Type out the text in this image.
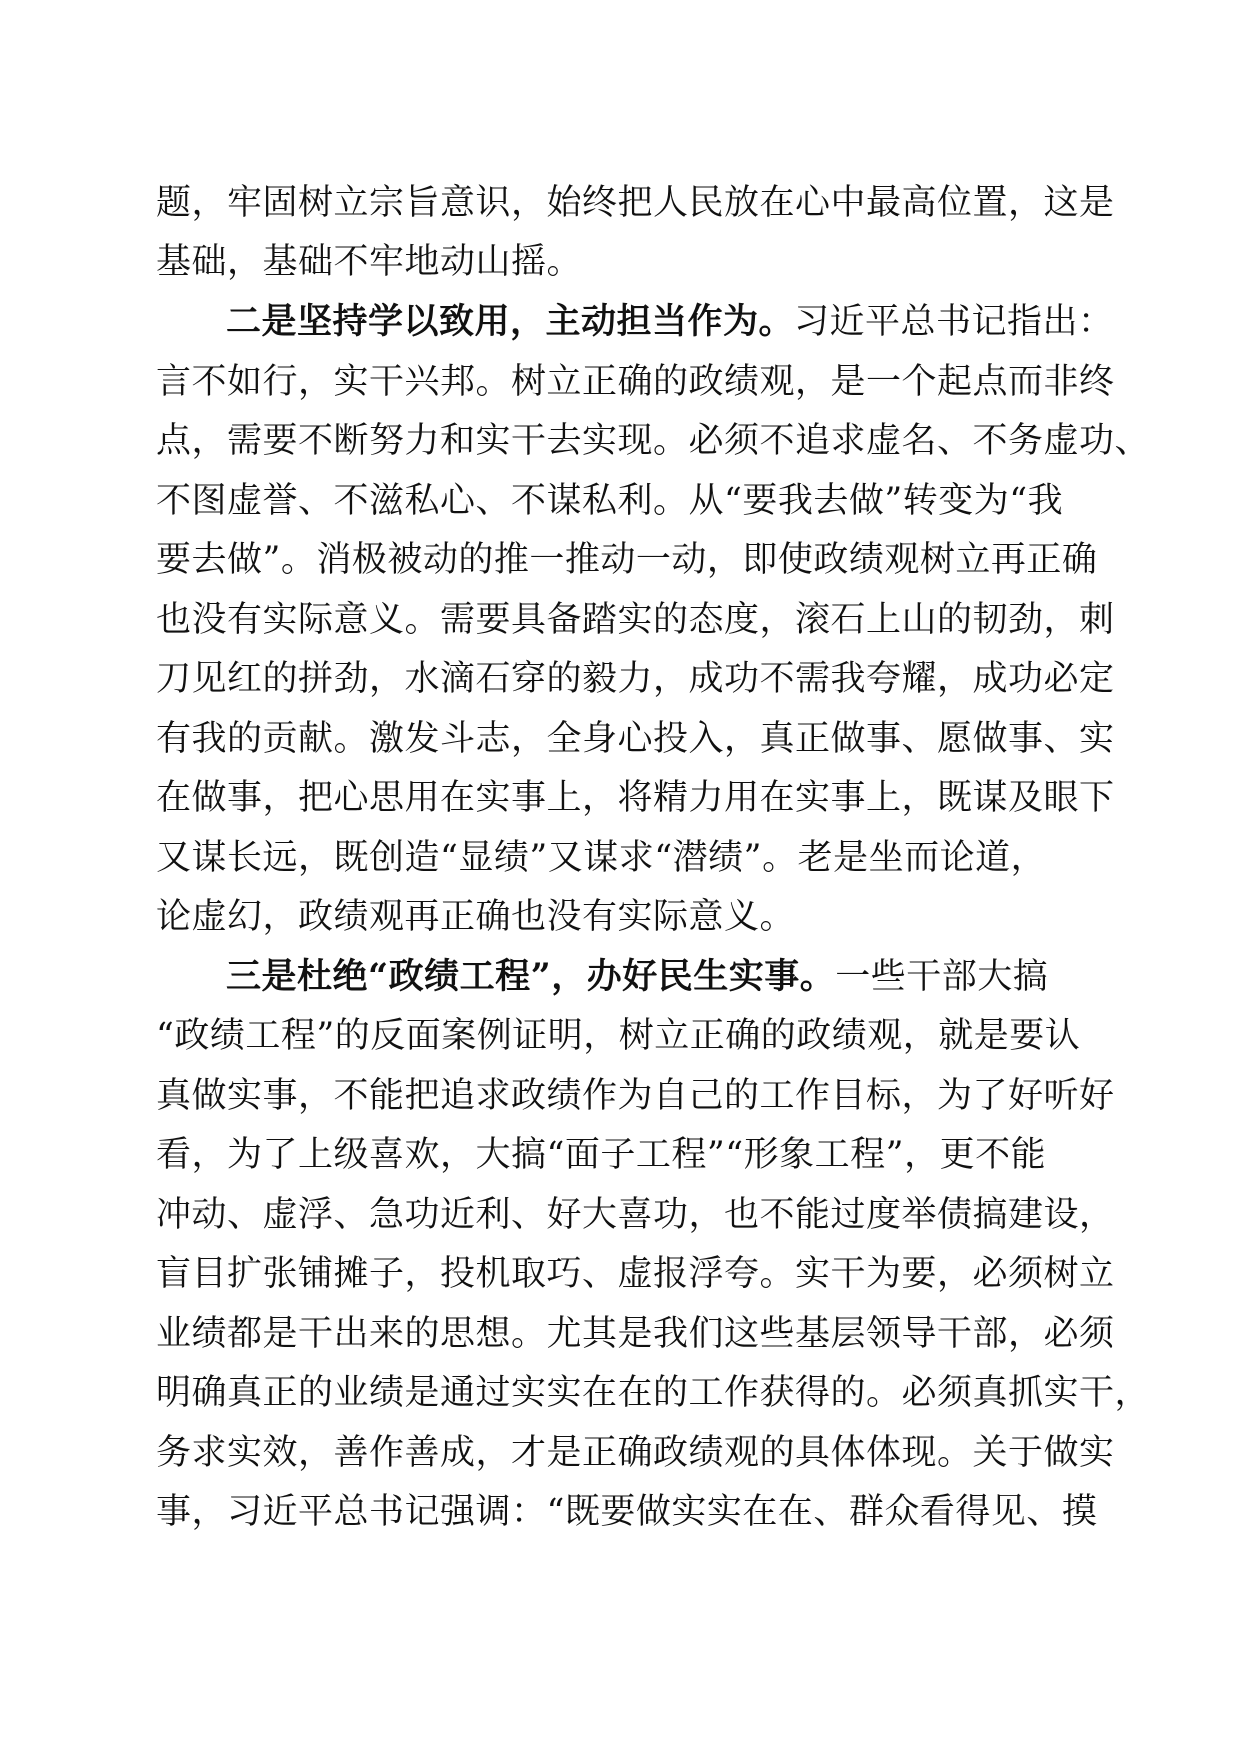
题，牢固树立宗旨意识，始终把人民放在心中最高位置，这是
基础，基础不牢地动山摇。
二是坚持学以致用，主动担当作为。习近平总书记指出：
言不如行，实干兴邦。树立正确的政绩观，是一个起点而非终
点，需要不断努力和实干去实现。必须不追求虚名、不务虚功、
不图虚誉、不滋私心、不谋私利。从“要我去做”转变为“我
要去做”。消极被动的推一推动一动，即使政绩观树立再正确
也没有实际意义。需要具备踏实的态度，滚石上山的韧劲，刺
刀见红的拼劲，水滴石穿的毅力，成功不需我夸耀，成功必定
有我的贡献。激发斗志，全身心投入，真正做事、愿做事、实
在做事，把心思用在实事上，将精力用在实事上，既谋及眼下
又谋长远，既创造“显绩”又谋求“潜绩”。老是坐而论道，
论虚幻，政绩观再正确也没有实际意义。
三是杜绝“政绩工程”，办好民生实事。一些干部大搞
“政绩工程”的反面案例证明，树立正确的政绩观，就是要认
真做实事，不能把追求政绩作为自己的工作目标，为了好听好
看，为了上级喜欢，大搞“面子工程”“形象工程”，更不能
冲动、虚浮、急功近利、好大喜功，也不能过度举债搞建设，
盲目扩张铺摊子，投机取巧、虚报浮夸。实干为要，必须树立
业绩都是干出来的思想。尤其是我们这些基层领导干部，必须
明确真正的业绩是通过实实在在的工作获得的。必须真抓实干，
务求实效，善作善成，才是正确政绩观的具体体现。关于做实
事，习近平总书记强调：“既要做实实在在、群众看得见、摸
